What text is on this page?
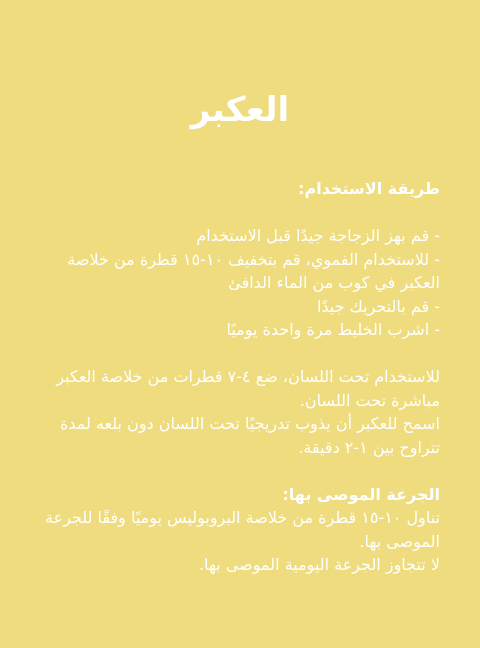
العكبر

طريقة الاستخدام:

- قم بهز الزجاجة جيدًا قبل الاستخدام

- للاستخدام الفموي، قم بتخفيف ١٠-١٥ قطرة من خلاصة العكبر في كوب من الماء الدافئ

- قم بالتحريك جيدًا

- اشرب الخليط مرة واحدة يوميًا

للاستخدام تحت اللسان، ضع ٤-٧ قطرات من خلاصة العكبر مباشرة تحت اللسان.

اسمح للعكبر أن يذوب تدريجيًا تحت اللسان دون بلعه لمدة تتراوح بين ١-٢ دقيقة.

الجرعة الموصى بها:

تناول ١٠-١٥ قطرة من خلاصة البروبوليس يوميًا وفقًا للجرعة الموصى بها.

لا تتجاوز الجرعة اليومية الموصى بها.
